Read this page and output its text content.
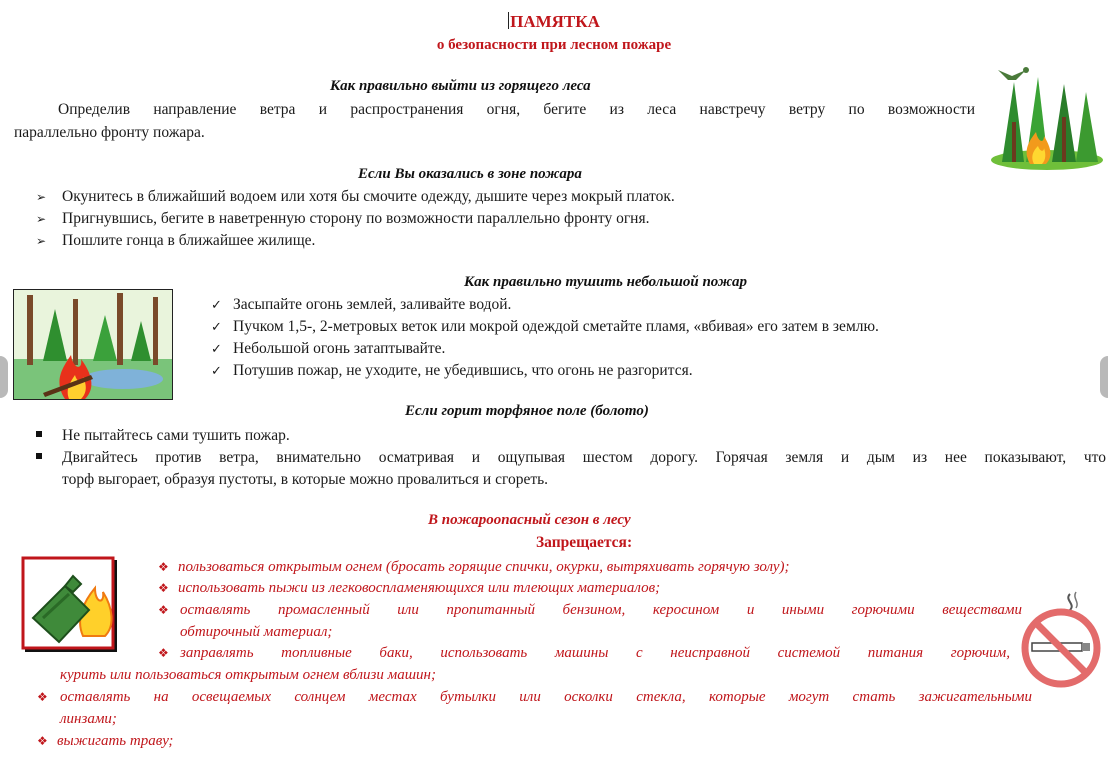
ПАМЯТКА
о безопасности при лесном пожаре
Как правильно выйти из горящего леса
Определив направление ветра и распространения огня, бегите из леса навстречу ветру по возможности
параллельно фронту пожара.
Если Вы оказались в зоне пожара
➢ Окунитесь в ближайший водоем или хотя бы смочите одежду, дышите через мокрый платок.
➢ Пригнувшись, бегите в наветренную сторону по возможности параллельно фронту огня.
➢ Пошлите гонца в ближайшее жилище.
Как правильно тушить небольшой пожар
✓ Засыпайте огонь землей, заливайте водой.
✓ Пучком 1,5-, 2-метровых веток или мокрой одеждой сметайте пламя, «вбивая» его затем в землю.
✓ Небольшой огонь затаптывайте.
✓ Потушив пожар, не уходите, не убедившись, что огонь не разгорится.
Если горит торфяное поле (болото)
Не пытайтесь сами тушить пожар.
Двигайтесь против ветра, внимательно осматривая и ощупывая шестом дорогу. Горячая земля и дым из нее показывают, что
торф выгорает, образуя пустоты, в которые можно провалиться и сгореть.
В пожароопасный сезон в лесу
Запрещается:
❖ пользоваться открытым огнем (бросать горящие спички, окурки, вытряхивать горячую золу);
❖ использовать пыжи из легковоспламеняющихся или тлеющих материалов;
❖ оставлять промасленный или пропитанный бензином, керосином и иными горючими веществами
обтирочный материал;
❖ заправлять топливные баки, использовать машины с неисправной системой питания горючим,
курить или пользоваться открытым огнем вблизи машин;
❖ оставлять на освещаемых солнцем местах бутылки или осколки стекла, которые могут стать зажигательными
линзами;
❖ выжигать траву;
